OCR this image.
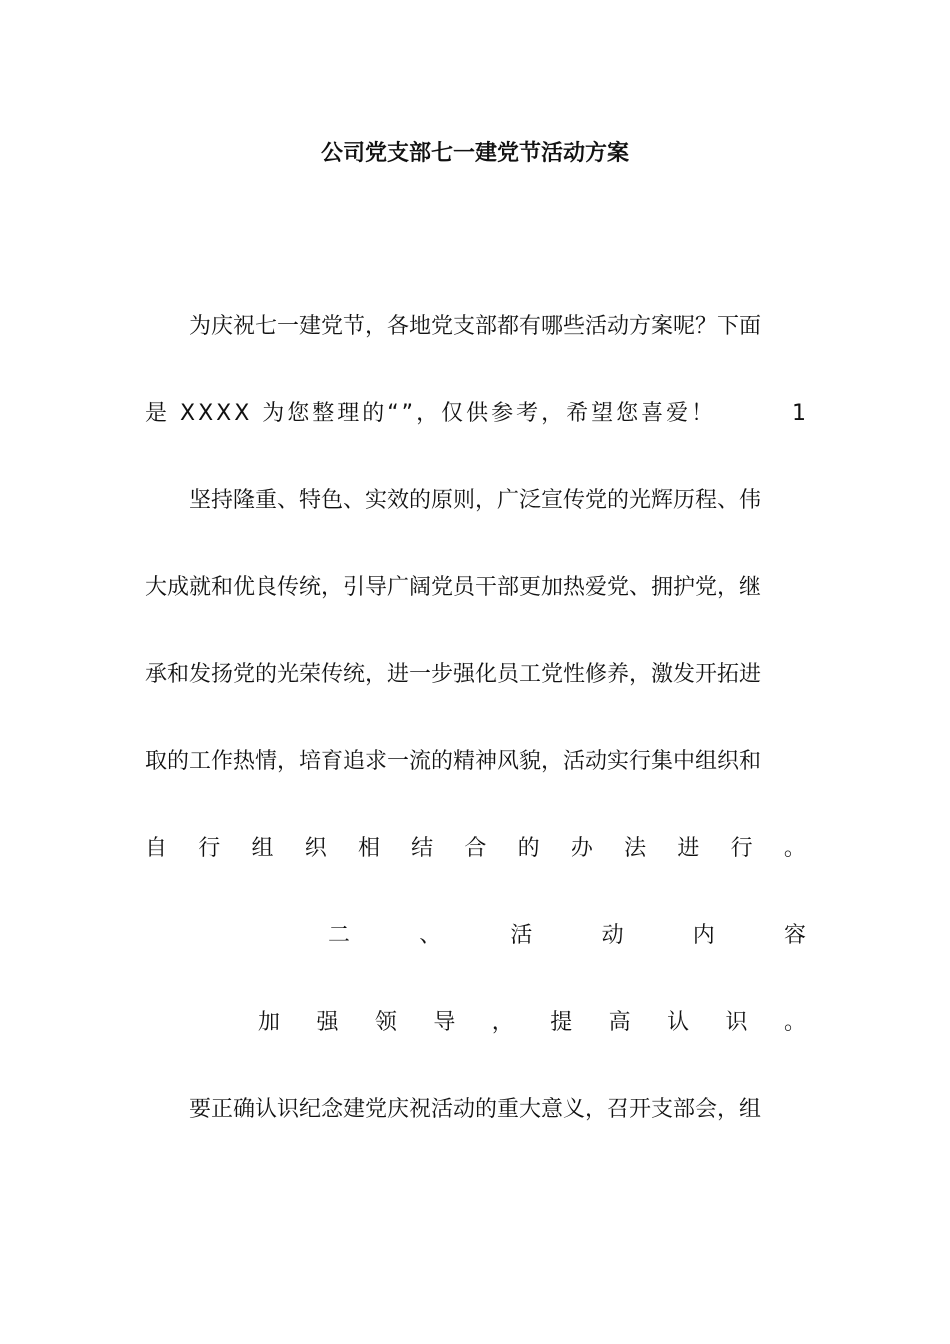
公司党支部七一建党节活动方案
为庆祝七一建党节，各地党支部都有哪些活动方案呢？下面
是 XXXX 为您整理的“”，仅供参考，希望您喜爱！	1
坚持隆重、特色、实效的原则，广泛宣传党的光辉历程、伟
大成就和优良传统，引导广阔党员干部更加热爱党、拥护党，继
承和发扬党的光荣传统，进一步强化员工党性修养，激发开拓进
取的工作热情，培育追求一流的精神风貌，活动实行集中组织和
自 行 组 织 相 结 合 的 办 法 进 行 。
二	、	活	动	内	容
加 强 领 导 ， 提 高 认 识 。
要正确认识纪念建党庆祝活动的重大意义，召开支部会，组
